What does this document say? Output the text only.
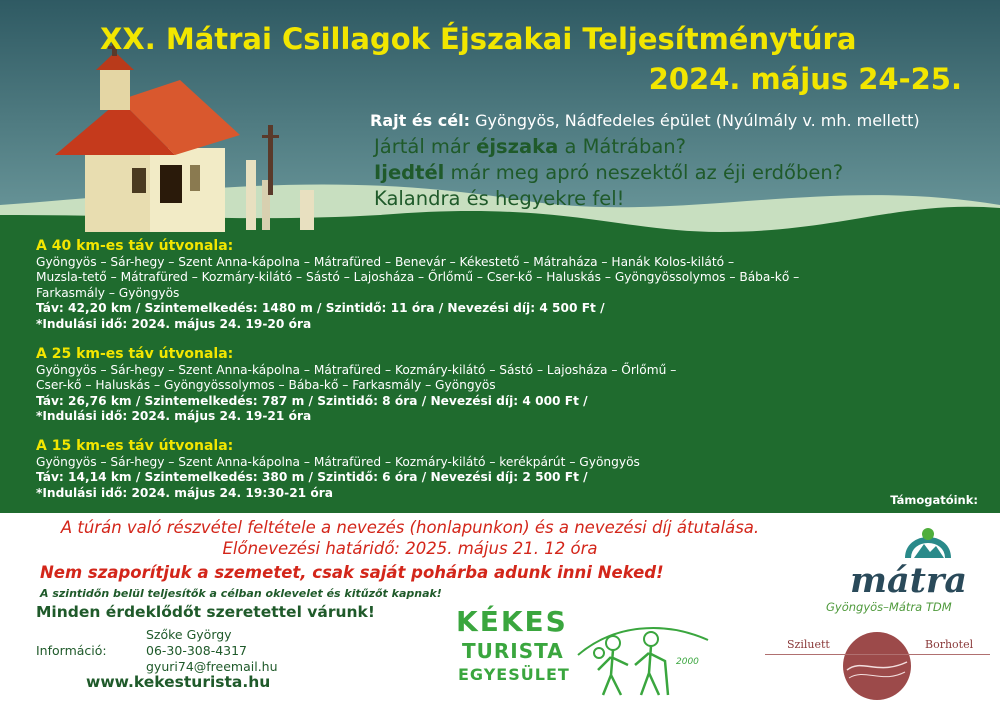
XX. Mátrai Csillagok Éjszakai Teljesítménytúra
2024. május 24-25.
Rajt és cél: Gyöngyös, Nádfedeles épület (Nyúlmály v. mh. mellett)
Jártál már éjszaka a Mátrában?
Ijedtél már meg apró neszektől az éji erdőben?
Kalandra és hegyekre fel!
A 40 km-es táv útvonala:
Gyöngyös – Sár-hegy – Szent Anna-kápolna – Mátrafüred – Benevár – Kékestető – Mátraháza – Hanák Kolos-kilátó –
Muzsla-tető – Mátrafüred – Kozmáry-kilátó – Sástó – Lajosháza – Őrlőmű – Cser-kő – Haluskás – Gyöngyössolymos – Bába-kő –
Farkasmály – Gyöngyös
Táv: 42,20 km / Szintemelkedés: 1480 m / Szintidő: 11 óra / Nevezési díj: 4 500 Ft /
*Indulási idő: 2024. május 24. 19-20 óra
A 25 km-es táv útvonala:
Gyöngyös – Sár-hegy – Szent Anna-kápolna – Mátrafüred – Kozmáry-kilátó – Sástó – Lajosháza – Őrlőmű –
Cser-kő – Haluskás – Gyöngyössolymos – Bába-kő – Farkasmály – Gyöngyös
Táv: 26,76 km / Szintemelkedés: 787 m / Szintidő: 8 óra / Nevezési díj: 4 000 Ft /
*Indulási idő: 2024. május 24. 19-21 óra
A 15 km-es táv útvonala:
Gyöngyös – Sár-hegy – Szent Anna-kápolna – Mátrafüred – Kozmáry-kilátó – kerékpárút – Gyöngyös
Táv: 14,14 km / Szintemelkedés: 380 m / Szintidő: 6 óra / Nevezési díj: 2 500 Ft /
*Indulási idő: 2024. május 24. 19:30-21 óra
Támogatóink:
A túrán való részvétel feltétele a nevezés (honlapunkon) és a nevezési díj átutalása.
Előnevezési határidő: 2025. május 21. 12 óra
Nem szaporítjuk a szemetet, csak saját pohárba adunk inni Neked!
A szintidőn belül teljesítők a célban oklevelet és kitűzőt kapnak!
Minden érdeklődőt szeretettel várunk!
Szőke György
Információ:	06-30-308-4317
gyuri74@freemail.hu
www.kekesturista.hu
KÉKES
TURISTA
EGYESÜLET
2000
mátra
Gyöngyös–Mátra TDM
Sziluett	Borhotel
